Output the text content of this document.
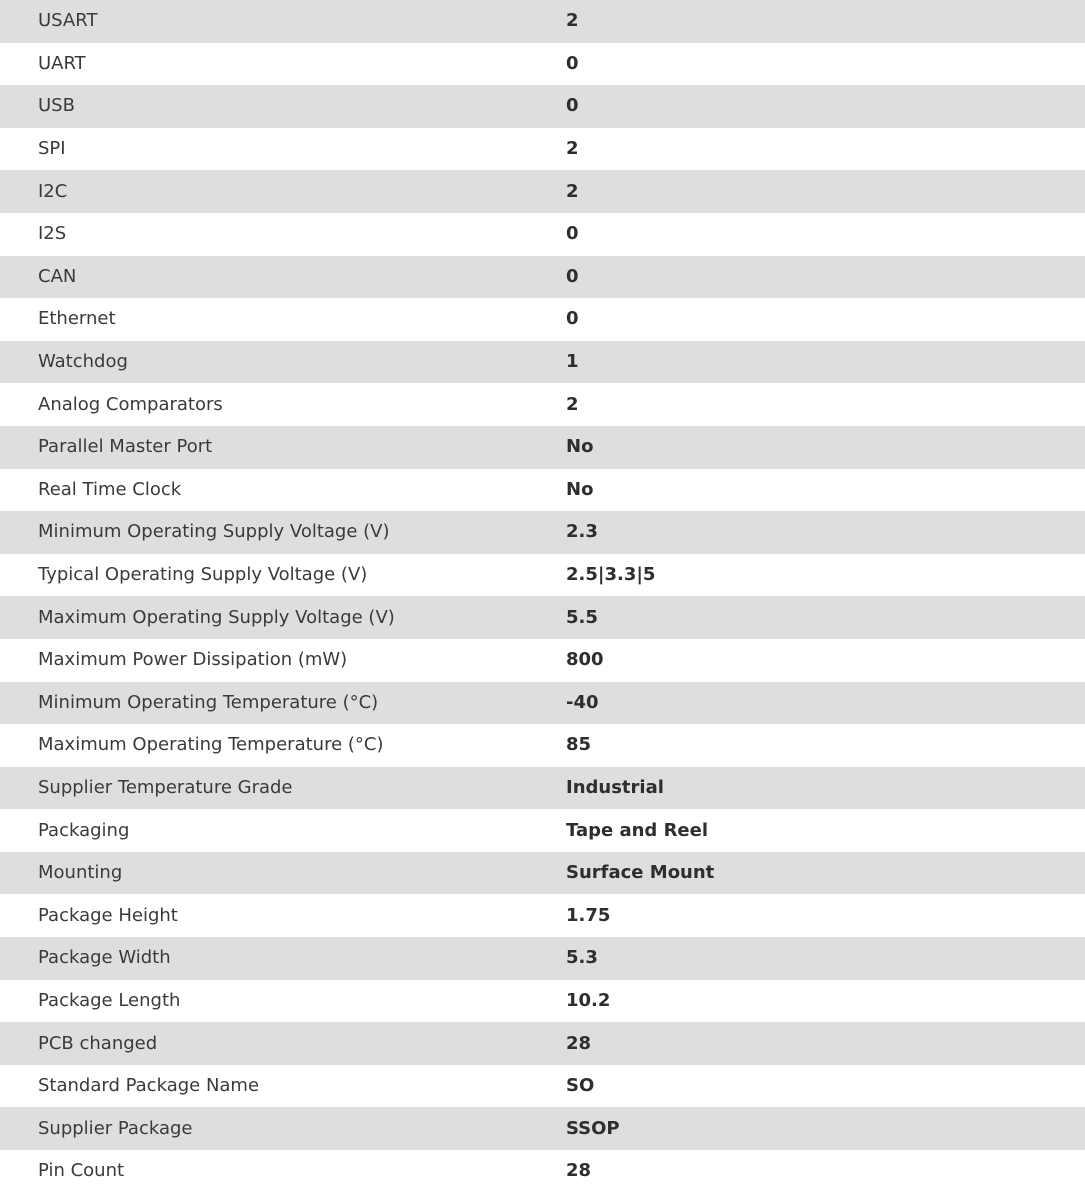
USART	2
UART	0
USB	0
SPI	2
I2C	2
I2S	0
CAN	0
Ethernet	0
Watchdog	1
Analog Comparators	2
Parallel Master Port	No
Real Time Clock	No
Minimum Operating Supply Voltage (V)	2.3
Typical Operating Supply Voltage (V)	2.5|3.3|5
Maximum Operating Supply Voltage (V)	5.5
Maximum Power Dissipation (mW)	800
Minimum Operating Temperature (°C)	-40
Maximum Operating Temperature (°C)	85
Supplier Temperature Grade	Industrial
Packaging	Tape and Reel
Mounting	Surface Mount
Package Height	1.75
Package Width	5.3
Package Length	10.2
PCB changed	28
Standard Package Name	SO
Supplier Package	SSOP
Pin Count	28
